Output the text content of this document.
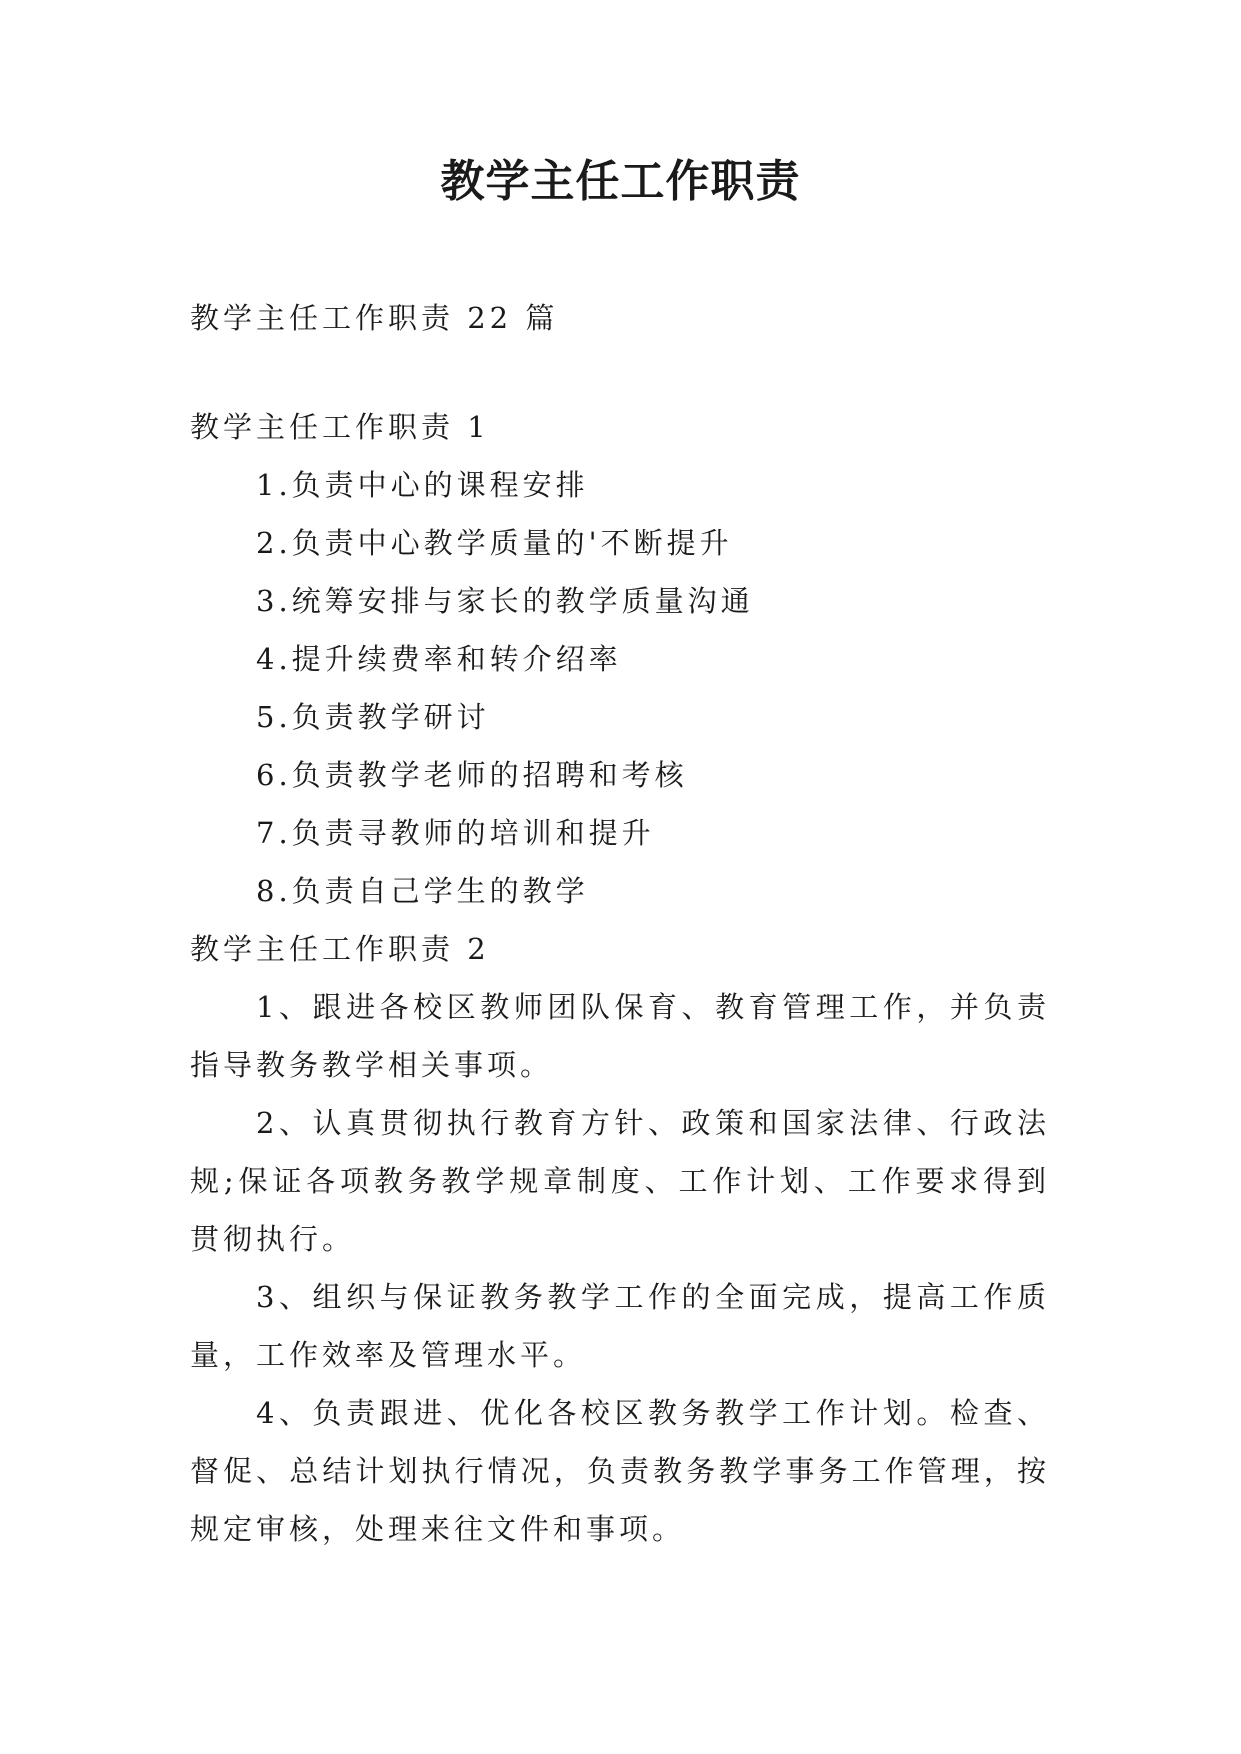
教学主任工作职责

教学主任工作职责 22 篇

教学主任工作职责 1

1.负责中心的课程安排

2.负责中心教学质量的'不断提升

3.统筹安排与家长的教学质量沟通

4.提升续费率和转介绍率

5.负责教学研讨

6.负责教学老师的招聘和考核

7.负责寻教师的培训和提升

8.负责自己学生的教学

教学主任工作职责 2

1、跟进各校区教师团队保育、教育管理工作，并负责指导教务教学相关事项。

2、认真贯彻执行教育方针、政策和国家法律、行政法规;保证各项教务教学规章制度、工作计划、工作要求得到贯彻执行。

3、组织与保证教务教学工作的全面完成，提高工作质量，工作效率及管理水平。

4、负责跟进、优化各校区教务教学工作计划。检查、督促、总结计划执行情况，负责教务教学事务工作管理，按规定审核，处理来往文件和事项。
